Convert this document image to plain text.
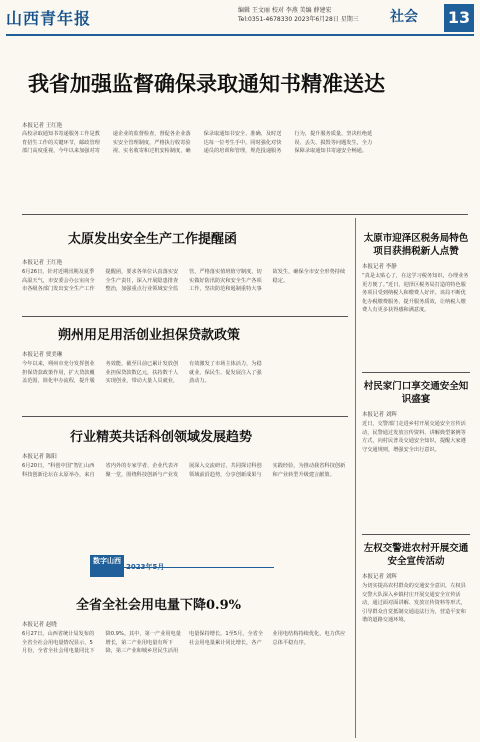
山西青年报	编辑 王文丽 校对 李燕 美编 薛建宏
Tel:0351-4678330 2023年6月28日 星期三 社会 13
我省加强监督确保录取通知书精准送达
本报记者 王红艳
高校录取通知书寄递服务工作是教育招生工作的关键环节，邮政管理部门高度重视，今年以来加强对寄递企业的监督检查，督促各企业落实安全管理制度，严格执行收寄验视、实名收寄和过机安检制度，确保录取通知书安全、准确、及时送达每一位考生手中。同时强化对快递员的培训和管理，规范投递服务行为，提升服务质量，坚决杜绝延误、丢失、损毁等问题发生，全力保障录取通知书寄递安全畅通。
太原发出安全生产工作提醒函
本报记者 王红艳
6月26日，针对近期汛期及夏季高温天气，市安委会办公室向全市各级各部门发出安全生产工作提醒函，要求各单位认真落实安全生产责任，深入开展隐患排查整治，加强重点行业领域安全监管，严格落实值班值守制度，切实做好防汛防灾和安全生产各项工作，坚决防范和遏制重特大事故发生，确保全市安全形势持续稳定。
朔州用足用活创业担保贷款政策
本报记者 贾美琳
今年以来，朔州市充分发挥创业担保贷款政策作用，扩大贷款覆盖范围，简化申办流程，提升服务效能，截至目前已累计发放创业担保贷款数亿元，扶持数千人实现创业，带动大量人员就业，有效激发了市场主体活力，为稳就业、保民生、促发展注入了强劲动力。
行业精英共话科创领域发展趋势
本报记者 陈阳
6月20日，“科创中国”智汇山西科技创新论坛在太原举办，来自省内外的专家学者、企业代表齐聚一堂，围绕科技创新与产业发展深入交流研讨，共同探讨科创领域前沿趋势，分享创新成果与实践经验，为推动我省科技创新和产业转型升级建言献策。
数字山西
2023年5月
全省全社会用电量下降0.9%
本报记者 赵晓
6月27日，山西省统计局发布的全省全社会用电量情况显示，5月份，全省全社会用电量同比下降0.9%。其中，第一产业用电量增长，第二产业用电量有所下降，第三产业和城乡居民生活用电量保持增长。1至5月，全省全社会用电量累计同比增长，各产业用电结构持续优化，电力供应总体平稳有序。
太原市迎泽区税务局特色项目获捐税新人点赞
本报记者 李静
“真是太贴心了，在这学习税务知识，办理业务更方便了。”近日，迎泽区税务局打造的特色服务项目受到纳税人和缴费人好评。该局不断优化办税缴费服务，提升服务质效，让纳税人缴费人有更多获得感和满意度。
村民家门口享交通安全知识盛宴
本报记者 刘辉
近日，交警部门走进乡村开展交通安全宣传活动，民警通过发放宣传资料、讲解典型案例等方式，向村民普及交通安全知识，提醒大家遵守交通规则，增强安全出行意识。
左权交警进农村开展交通安全宣传活动
本报记者 刘辉
为切实提高农村群众的交通安全意识，左权县交警大队深入乡镇村庄开展交通安全宣传活动，通过面对面讲解、发放宣传资料等形式，引导群众自觉抵制交通违法行为，营造平安和谐的道路交通环境。
